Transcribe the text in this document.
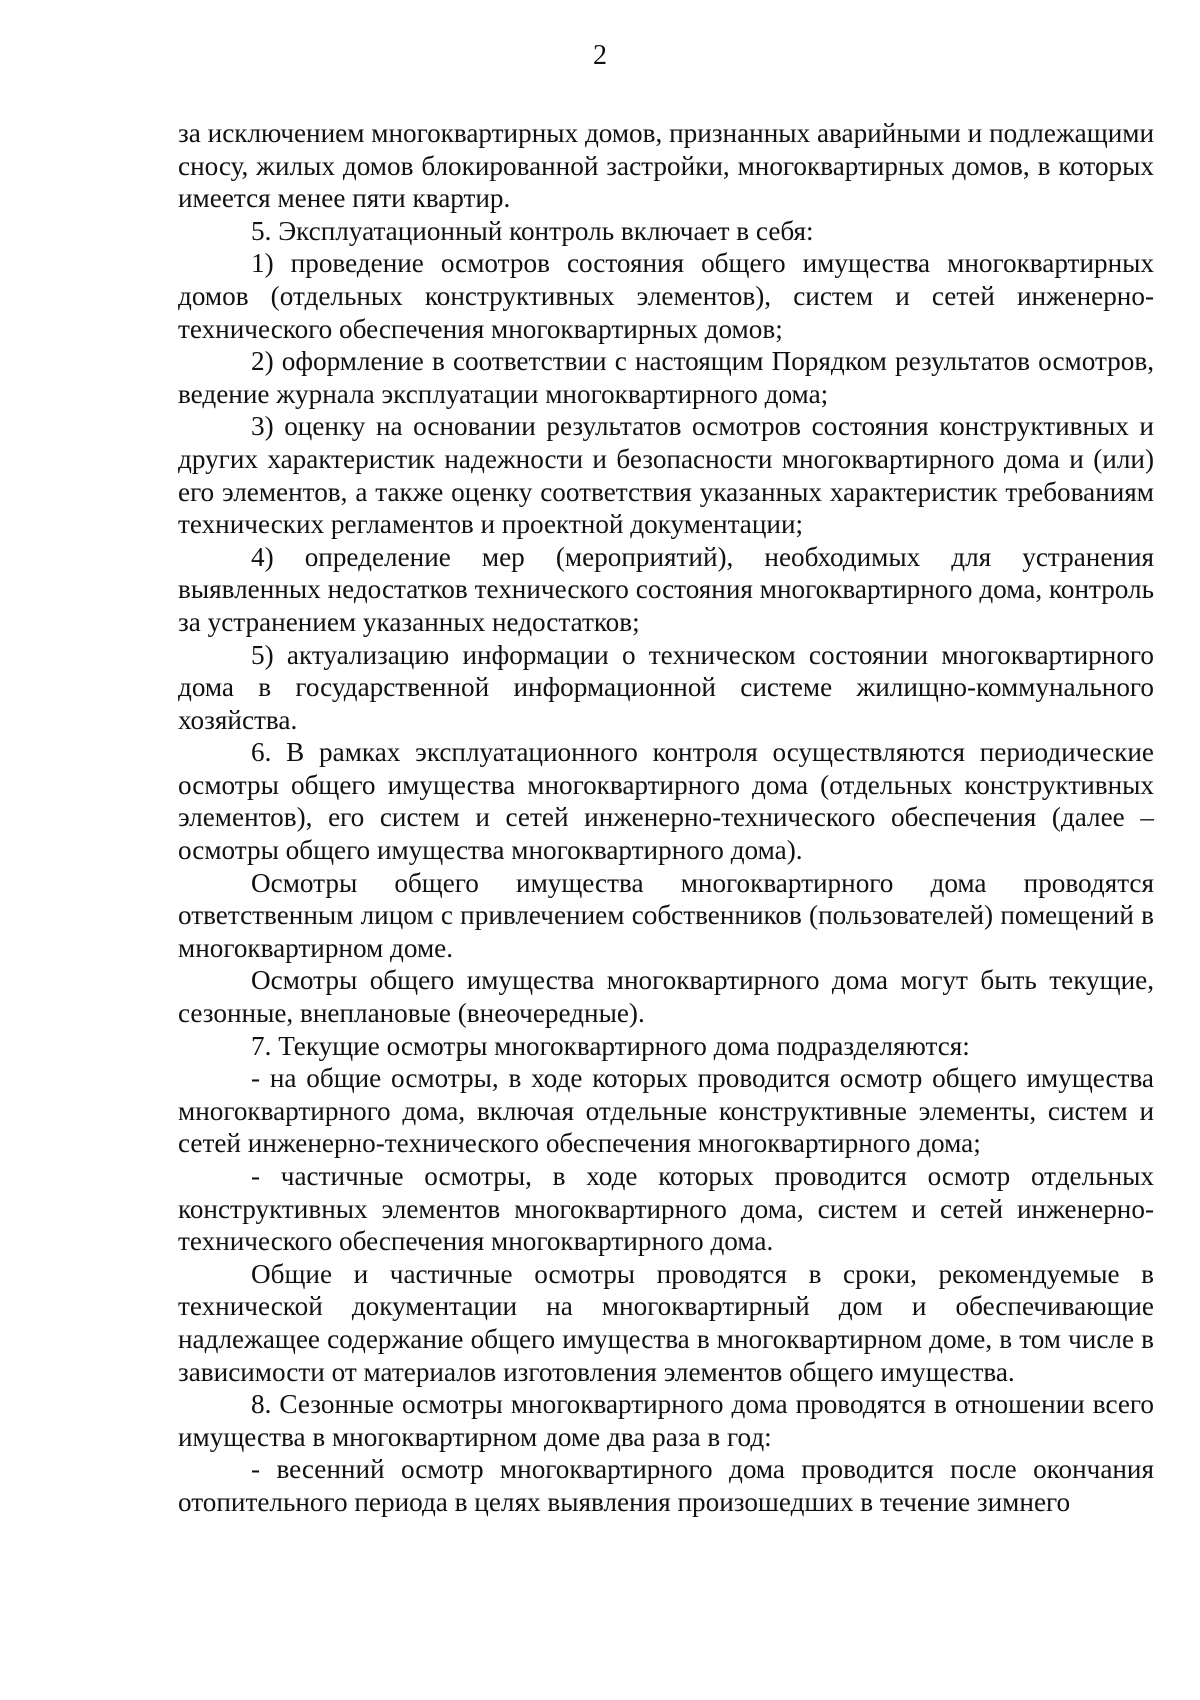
2

за исключением многоквартирных домов, признанных аварийными и подлежащими сносу, жилых домов блокированной застройки, многоквартирных домов, в которых имеется менее пяти квартир.

5. Эксплуатационный контроль включает в себя:

1) проведение осмотров состояния общего имущества многоквартирных домов (отдельных конструктивных элементов), систем и сетей инженерно-технического обеспечения многоквартирных домов;

2) оформление в соответствии с настоящим Порядком результатов осмотров, ведение журнала эксплуатации многоквартирного дома;

3) оценку на основании результатов осмотров состояния конструктивных и других характеристик надежности и безопасности многоквартирного дома и (или) его элементов, а также оценку соответствия указанных характеристик требованиям технических регламентов и проектной документации;

4) определение мер (мероприятий), необходимых для устранения выявленных недостатков технического состояния многоквартирного дома, контроль за устранением указанных недостатков;

5) актуализацию информации о техническом состоянии многоквартирного дома в государственной информационной системе жилищно-коммунального хозяйства.

6. В рамках эксплуатационного контроля осуществляются периодические осмотры общего имущества многоквартирного дома (отдельных конструктивных элементов), его систем и сетей инженерно-технического обеспечения (далее – осмотры общего имущества многоквартирного дома).

Осмотры общего имущества многоквартирного дома проводятся ответственным лицом с привлечением собственников (пользователей) помещений в многоквартирном доме.

Осмотры общего имущества многоквартирного дома могут быть текущие, сезонные, внеплановые (внеочередные).

7. Текущие осмотры многоквартирного дома подразделяются:

- на общие осмотры, в ходе которых проводится осмотр общего имущества многоквартирного дома, включая отдельные конструктивные элементы, систем и сетей инженерно-технического обеспечения многоквартирного дома;

- частичные осмотры, в ходе которых проводится осмотр отдельных конструктивных элементов многоквартирного дома, систем и сетей инженерно-технического обеспечения многоквартирного дома.

Общие и частичные осмотры проводятся в сроки, рекомендуемые в технической документации на многоквартирный дом и обеспечивающие надлежащее содержание общего имущества в многоквартирном доме, в том числе в зависимости от материалов изготовления элементов общего имущества.

8. Сезонные осмотры многоквартирного дома проводятся в отношении всего имущества в многоквартирном доме два раза в год:

- весенний осмотр многоквартирного дома проводится после окончания отопительного периода в целях выявления произошедших в течение зимнего
